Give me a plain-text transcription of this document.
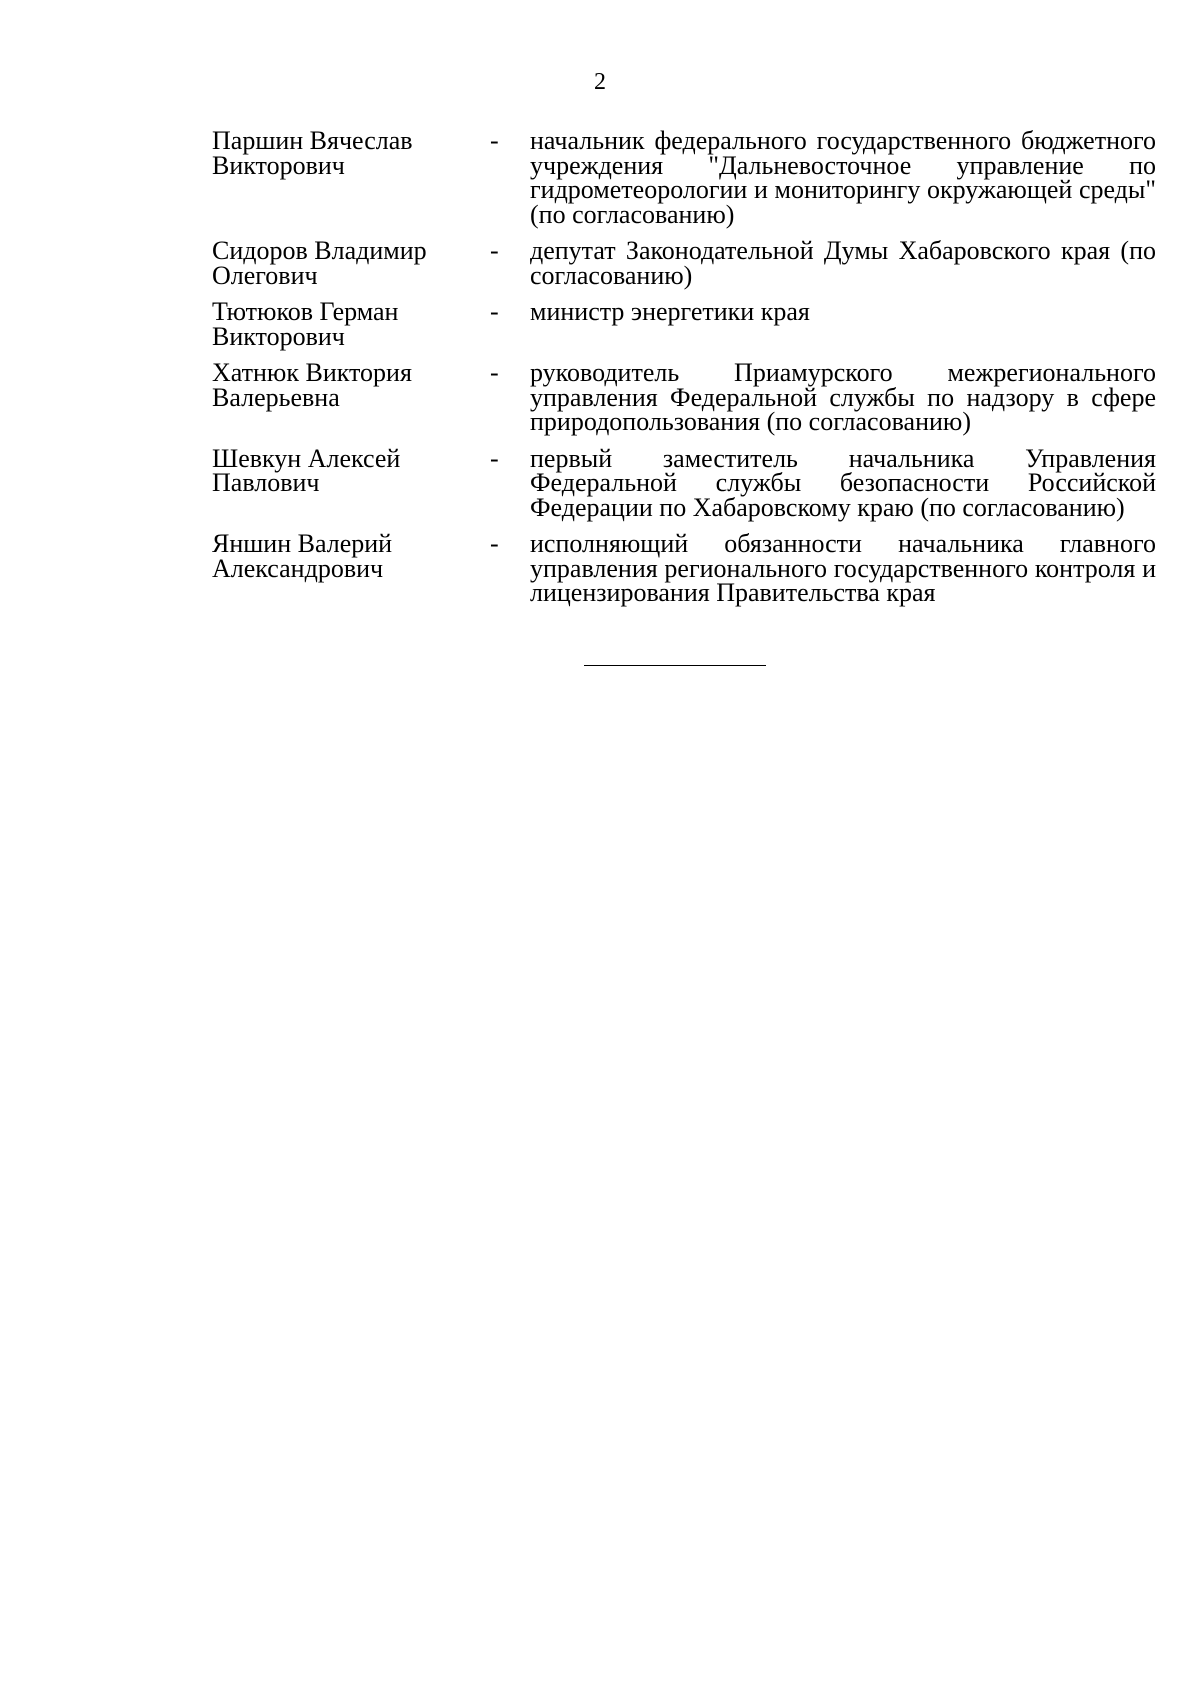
2
Паршин Вячеслав
Викторович	-	начальник федерального государственного бюджетного учреждения "Дальневосточное управление по гидрометеорологии и мониторингу окружающей среды" (по согласованию)

Сидоров Владимир
Олегович	-	депутат Законодательной Думы Хабаровского края (по согласованию)

Тютюков Герман
Викторович	-	министр энергетики края

Хатнюк Виктория
Валерьевна	-	руководитель Приамурского межрегионального управления Федеральной службы по надзору в сфере природопользования (по согласованию)

Шевкун Алексей
Павлович	-	первый заместитель начальника Управления Федеральной службы безопасности Российской Федерации по Хабаровскому краю (по согласованию)

Яншин Валерий
Александрович	-	исполняющий обязанности начальника главного управления регионального государственного контроля и лицензирования Правительства края
